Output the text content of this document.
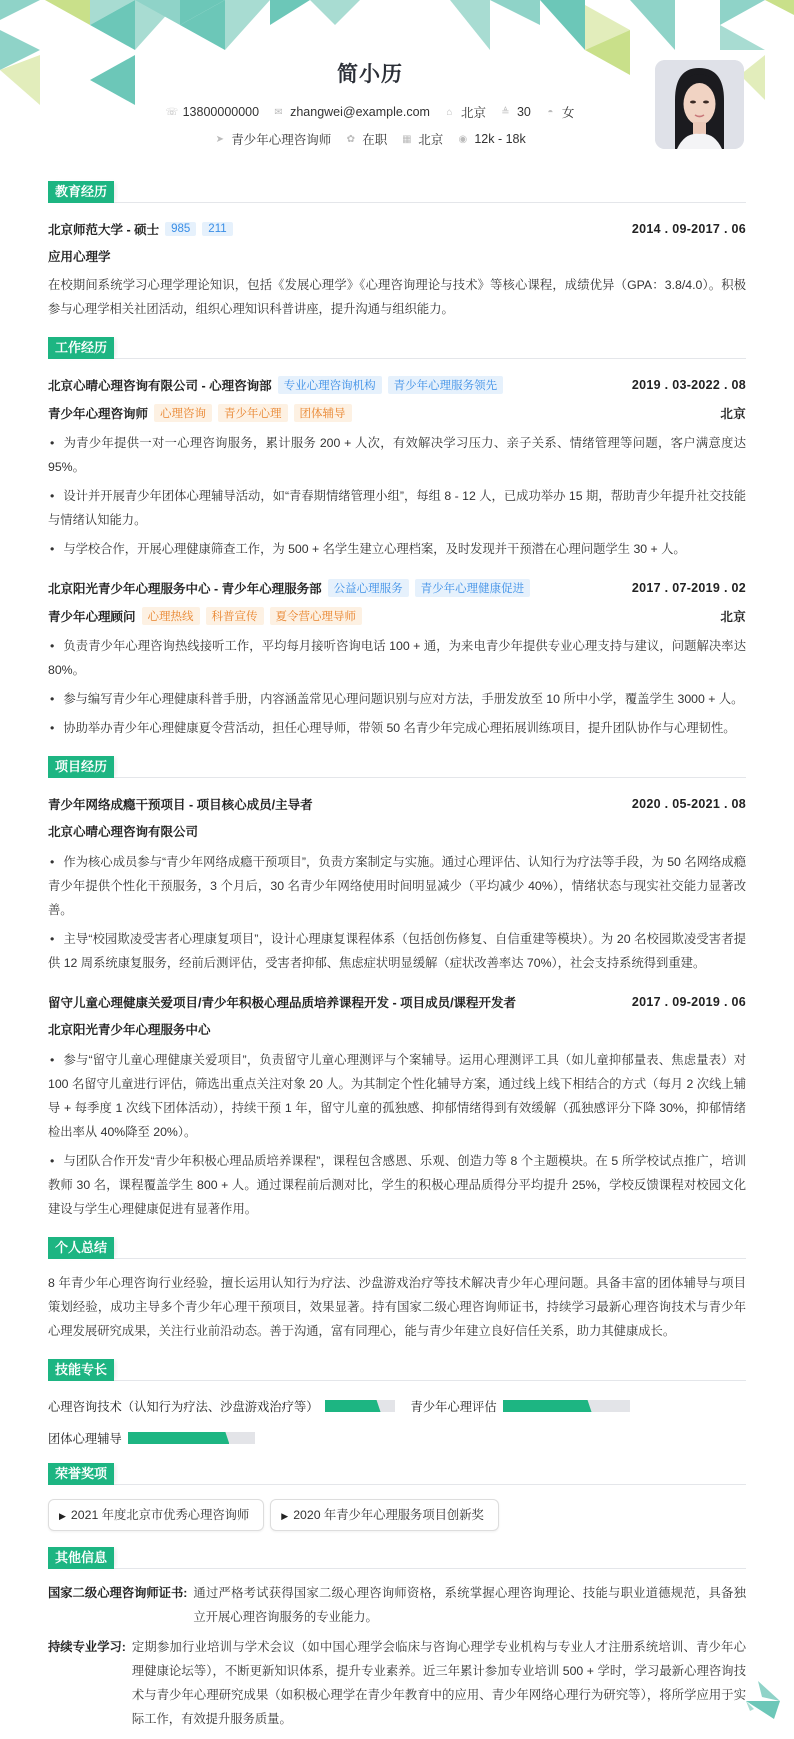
简小历
☏ 13800000000 ✉ zhangwei@example.com ⌂ 北京 ≜ 30 ◓ 女
➤ 青少年心理咨询师 ✿ 在职 ▦ 北京 ◉ 12k - 18k
教育经历
北京师范大学 - 硕士	985	211	2014 . 09-2017 . 06
应用心理学

在校期间系统学习心理学理论知识，包括《发展心理学》《心理咨询理论与技术》等核心课程，成绩优异（GPA：3.8/4.0）。积极参与心理学相关社团活动，组织心理知识科普讲座，提升沟通与组织能力。

工作经历
北京心晴心理咨询有限公司 - 心理咨询部	专业心理咨询机构	青少年心理服务领先	2019 . 03-2022 . 08
青少年心理咨询师	心理咨询	青少年心理	团体辅导	北京
• 为青少年提供一对一心理咨询服务，累计服务 200 + 人次，有效解决学习压力、亲子关系、情绪管理等问题，客户满意度达 95%。
• 设计并开展青少年团体心理辅导活动，如“青春期情绪管理小组”，每组 8 - 12 人，已成功举办 15 期，帮助青少年提升社交技能与情绪认知能力。
• 与学校合作，开展心理健康筛查工作，为 500 + 名学生建立心理档案，及时发现并干预潜在心理问题学生 30 + 人。
北京阳光青少年心理服务中心 - 青少年心理服务部	公益心理服务	青少年心理健康促进	2017 . 07-2019 . 02
青少年心理顾问	心理热线	科普宣传	夏令营心理导师	北京
• 负责青少年心理咨询热线接听工作，平均每月接听咨询电话 100 + 通，为来电青少年提供专业心理支持与建议，问题解决率达 80%。
• 参与编写青少年心理健康科普手册，内容涵盖常见心理问题识别与应对方法，手册发放至 10 所中小学，覆盖学生 3000 + 人。
• 协助举办青少年心理健康夏令营活动，担任心理导师，带领 50 名青少年完成心理拓展训练项目，提升团队协作与心理韧性。
项目经历
青少年网络成瘾干预项目 - 项目核心成员/主导者	2020 . 05-2021 . 08
北京心晴心理咨询有限公司
• 作为核心成员参与“青少年网络成瘾干预项目”，负责方案制定与实施。通过心理评估、认知行为疗法等手段，为 50 名网络成瘾青少年提供个性化干预服务，3 个月后，30 名青少年网络使用时间明显减少（平均减少 40%），情绪状态与现实社交能力显著改善。
• 主导“校园欺凌受害者心理康复项目”，设计心理康复课程体系（包括创伤修复、自信重建等模块）。为 20 名校园欺凌受害者提供 12 周系统康复服务，经前后测评估，受害者抑郁、焦虑症状明显缓解（症状改善率达 70%），社会支持系统得到重建。
留守儿童心理健康关爱项目/青少年积极心理品质培养课程开发 - 项目成员/课程开发者	2017 . 09-2019 . 06
北京阳光青少年心理服务中心
• 参与“留守儿童心理健康关爱项目”，负责留守儿童心理测评与个案辅导。运用心理测评工具（如儿童抑郁量表、焦虑量表）对 100 名留守儿童进行评估，筛选出重点关注对象 20 人。为其制定个性化辅导方案，通过线上线下相结合的方式（每月 2 次线上辅导 + 每季度 1 次线下团体活动），持续干预 1 年，留守儿童的孤独感、抑郁情绪得到有效缓解（孤独感评分下降 30%，抑郁情绪检出率从 40%降至 20%）。
• 与团队合作开发“青少年积极心理品质培养课程”，课程包含感恩、乐观、创造力等 8 个主题模块。在 5 所学校试点推广，培训教师 30 名，课程覆盖学生 800 + 人。通过课程前后测对比，学生的积极心理品质得分平均提升 25%，学校反馈课程对校园文化建设与学生心理健康促进有显著作用。
个人总结

8 年青少年心理咨询行业经验，擅长运用认知行为疗法、沙盘游戏治疗等技术解决青少年心理问题。具备丰富的团体辅导与项目策划经验，成功主导多个青少年心理干预项目，效果显著。持有国家二级心理咨询师证书，持续学习最新心理咨询技术与青少年心理发展研究成果，关注行业前沿动态。善于沟通，富有同理心，能与青少年建立良好信任关系，助力其健康成长。

技能专长
心理咨询技术（认知行为疗法、沙盘游戏治疗等）	青少年心理评估
团体心理辅导
荣誉奖项
▶ 2021 年度北京市优秀心理咨询师	▶ 2020 年青少年心理服务项目创新奖
其他信息
国家二级心理咨询师证书: 通过严格考试获得国家二级心理咨询师资格，系统掌握心理咨询理论、技能与职业道德规范，具备独立开展心理咨询服务的专业能力。
持续专业学习: 定期参加行业培训与学术会议（如中国心理学会临床与咨询心理学专业机构与专业人才注册系统培训、青少年心理健康论坛等），不断更新知识体系，提升专业素养。近三年累计参加专业培训 500 + 学时，学习最新心理咨询技术与青少年心理研究成果（如积极心理学在青少年教育中的应用、青少年网络心理行为研究等），将所学应用于实际工作，有效提升服务质量。
